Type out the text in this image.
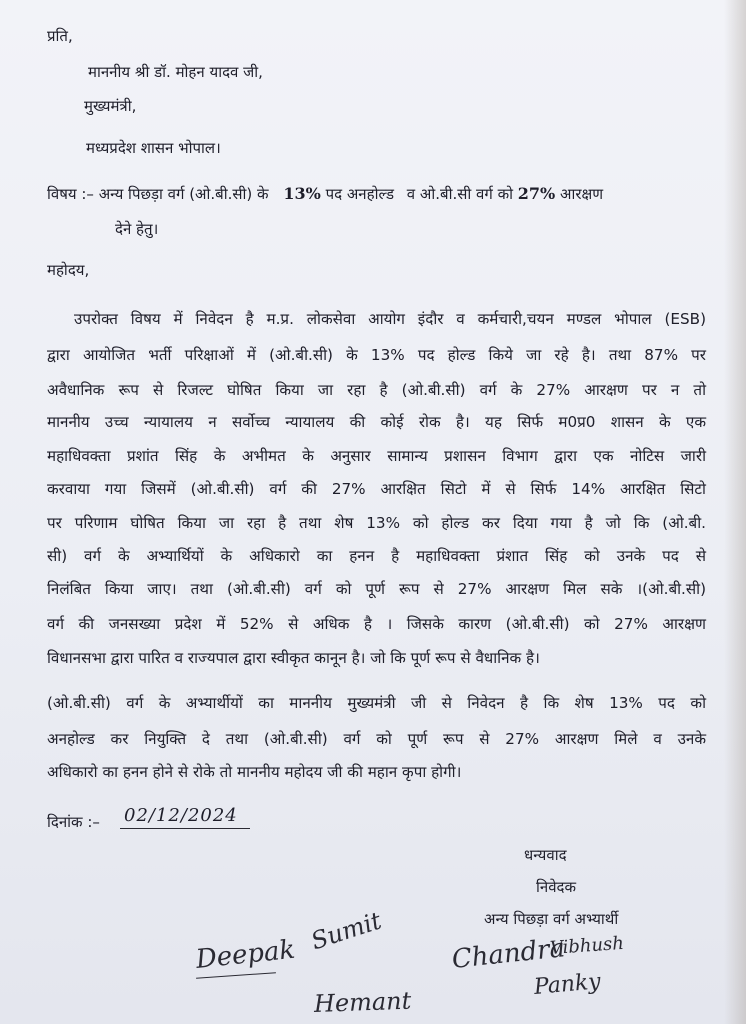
प्रति,
माननीय श्री डॉ. मोहन यादव जी,
मुख्यमंत्री,
मध्यप्रदेश शासन भोपाल।
विषय :– अन्य पिछड़ा वर्ग (ओ.बी.सी) के 13% पद अनहोल्ड व ओ.बी.सी वर्ग को 27% आरक्षण
देने हेतु।
महोदय,
उपरोक्त विषय में निवेदन है म.प्र. लोकसेवा आयोग इंदौर व कर्मचारी,चयन मण्डल भोपाल (ESB)
द्वारा आयोजित भर्ती परिक्षाओं में (ओ.बी.सी) के 13% पद होल्ड किये जा रहे है। तथा 87% पर
अवैधानिक रूप से रिजल्ट घोषित किया जा रहा है (ओ.बी.सी) वर्ग के 27% आरक्षण पर न तो
माननीय उच्च न्यायालय न सर्वोच्च न्यायालय की कोई रोक है। यह सिर्फ म0प्र0 शासन के एक
महाधिवक्ता प्रशांत सिंह के अभीमत के अनुसार सामान्य प्रशासन विभाग द्वारा एक नोटिस जारी
करवाया गया जिसमें (ओ.बी.सी) वर्ग की 27% आरक्षित सिटो में से सिर्फ 14% आरक्षित सिटो
पर परिणाम घोषित किया जा रहा है तथा शेष 13% को होल्ड कर दिया गया है जो कि (ओ.बी.
सी) वर्ग के अभ्यार्थियों के अधिकारो का हनन है महाधिवक्ता प्रंशात सिंह को उनके पद से
निलंबित किया जाए। तथा (ओ.बी.सी) वर्ग को पूर्ण रूप से 27% आरक्षण मिल सके ।(ओ.बी.सी)
वर्ग की जनसख्या प्रदेश में 52% से अधिक है । जिसके कारण (ओ.बी.सी) को 27% आरक्षण
विधानसभा द्वारा पारित व राज्यपाल द्वारा स्वीकृत कानून है। जो कि पूर्ण रूप से वैधानिक है।
(ओ.बी.सी) वर्ग के अभ्यार्थीयों का माननीय मुख्यमंत्री जी से निवेदन है कि शेष 13% पद को
अनहोल्ड कर नियुक्ति दे तथा (ओ.बी.सी) वर्ग को पूर्ण रूप से 27% आरक्षण मिले व उनके
अधिकारो का हनन होने से रोके तो माननीय महोदय जी की महान कृपा होगी।
दिनांक :– 02/12/2024
धन्यवाद
निवेदक
अन्य पिछड़ा वर्ग अभ्यार्थी
Deepak Sumit	Chandra
Vibhush
Hemant
Panky
